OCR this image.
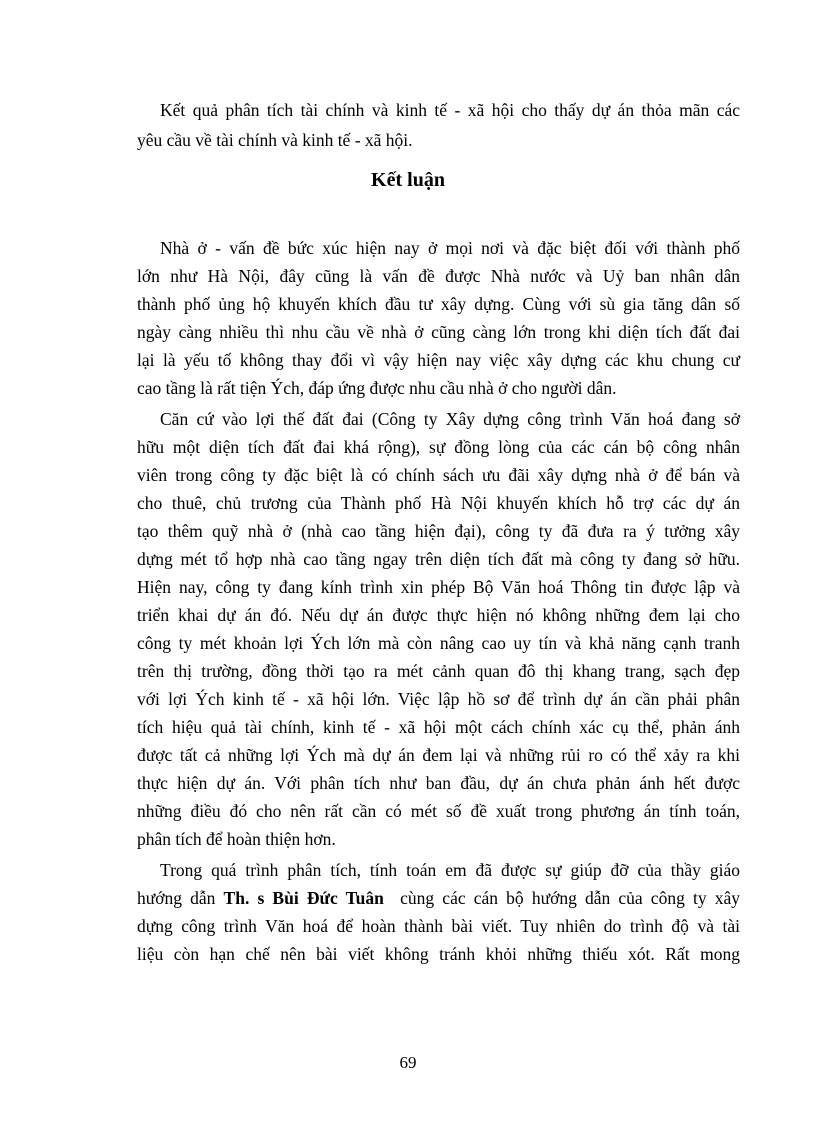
Kết quả phân tích tài chính và kinh tế - xã hội cho thấy dự án thỏa mãn các
yêu cầu về tài chính và kinh tế - xã hội.
Kết luận
Nhà ở - vấn đề bức xúc hiện nay ở mọi nơi và đặc biệt đối với thành phố
lớn như Hà Nội, đây cũng là vấn đề được Nhà nước và Uỷ ban nhân dân
thành phố ủng hộ khuyến khích đầu tư xây dựng. Cùng với sù gia tăng dân số
ngày càng nhiều thì nhu cầu về nhà ở cũng càng lớn trong khi diện tích đất đai
lại là yếu tố không thay đổi vì vậy hiện nay việc xây dựng các khu chung cư
cao tầng là rất tiện Ých, đáp ứng được nhu cầu nhà ở cho người dân.
Căn cứ vào lợi thế đất đai (Công ty Xây dựng công trình Văn hoá đang sở
hữu một diện tích đất đai khá rộng), sự đồng lòng của các cán bộ công nhân
viên trong công ty đặc biệt là có chính sách ưu đãi xây dựng nhà ở để bán và
cho thuê, chủ trương của Thành phố Hà Nội khuyến khích hỗ trợ các dự án
tạo thêm quỹ nhà ở (nhà cao tầng hiện đại), công ty đã đưa ra ý tưởng xây
dựng mét tổ hợp nhà cao tầng ngay trên diện tích đất mà công ty đang sở hữu.
Hiện nay, công ty đang kính trình xin phép Bộ Văn hoá Thông tin được lập và
triển khai dự án đó. Nếu dự án được thực hiện nó không những đem lại cho
công ty mét khoản lợi Ých lớn mà còn nâng cao uy tín và khả năng cạnh tranh
trên thị trường, đồng thời tạo ra mét cảnh quan đô thị khang trang, sạch đẹp
với lợi Ých kinh tế - xã hội lớn. Việc lập hồ sơ để trình dự án cần phải phân
tích hiệu quả tài chính, kinh tế - xã hội một cách chính xác cụ thể, phản ánh
được tất cả những lợi Ých mà dự án đem lại và những rủi ro có thể xảy ra khi
thực hiện dự án. Với phân tích như ban đầu, dự án chưa phản ánh hết được
những điều đó cho nên rất cần có mét số đề xuất trong phương án tính toán,
phân tích để hoàn thiện hơn.
Trong quá trình phân tích, tính toán em đã được sự giúp đỡ của thầy giáo
hướng dẫn Th. s Bùi Đức Tuân  cùng các cán bộ hướng dẫn của công ty xây
dựng công trình Văn hoá để hoàn thành bài viết. Tuy nhiên do trình độ và tài
liệu còn hạn chế nên bài viết không tránh khỏi những thiếu xót. Rất mong
69
